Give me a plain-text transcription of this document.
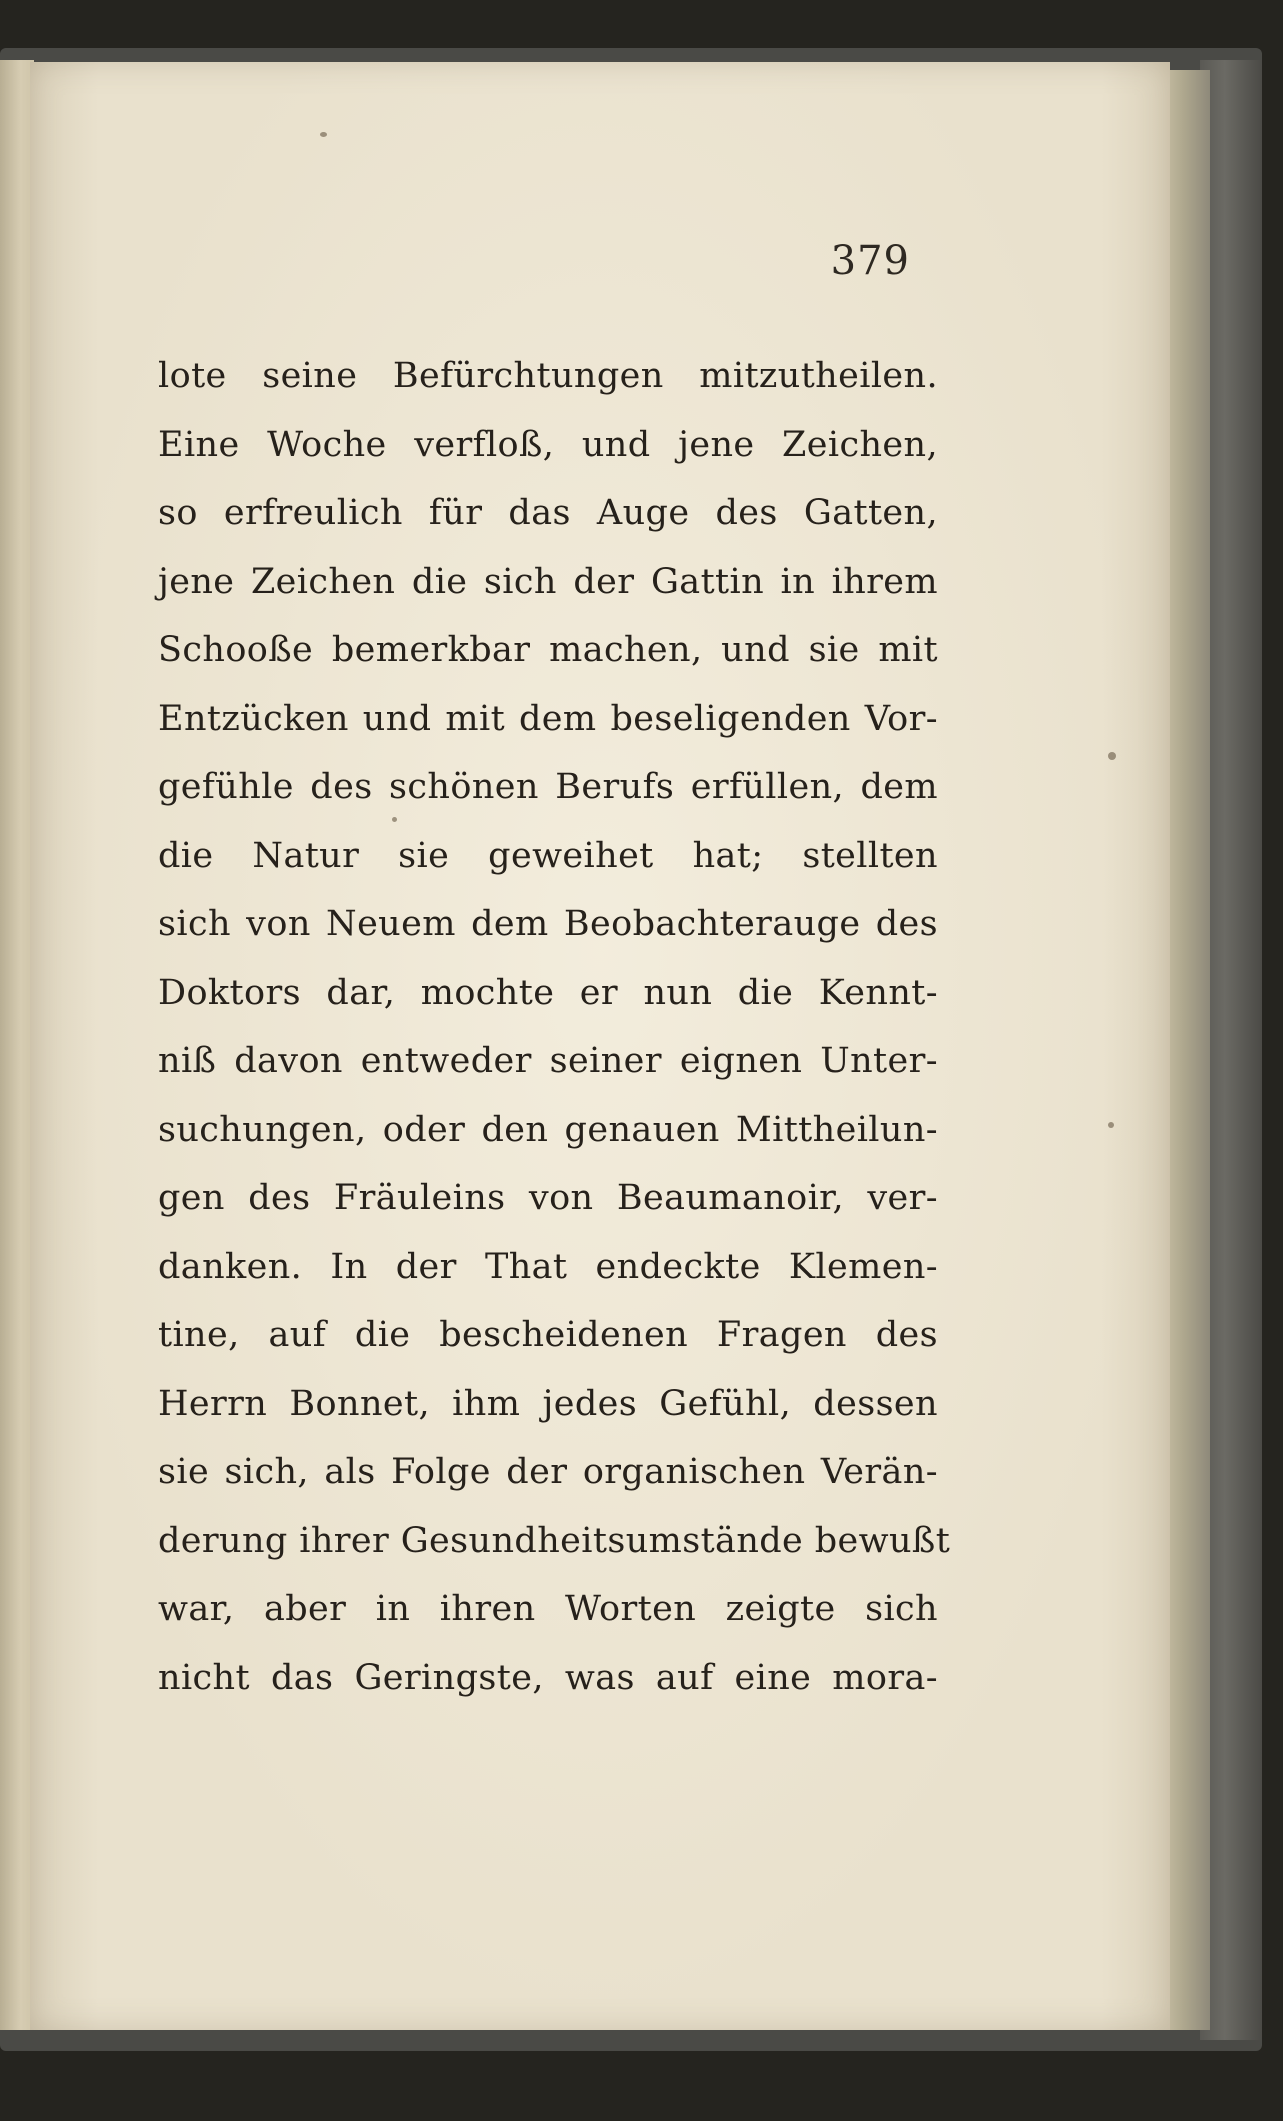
379
lote seine Befürchtungen mitzutheilen.
Eine Woche verfloß, und jene Zeichen,
so erfreulich für das Auge des Gatten,
jene Zeichen die sich der Gattin in ihrem
Schooße bemerkbar machen, und sie mit
Entzücken und mit dem beseligenden Vor-
gefühle des schönen Berufs erfüllen, dem
die Natur sie geweihet hat; stellten
sich von Neuem dem Beobachterauge des
Doktors dar, mochte er nun die Kennt-
niß davon entweder seiner eignen Unter-
suchungen, oder den genauen Mittheilun-
gen des Fräuleins von Beaumanoir, ver-
danken. In der That endeckte Klemen-
tine, auf die bescheidenen Fragen des
Herrn Bonnet, ihm jedes Gefühl, dessen
sie sich, als Folge der organischen Verän-
derung ihrer Gesundheitsumstände bewußt
war, aber in ihren Worten zeigte sich
nicht das Geringste, was auf eine mora-
